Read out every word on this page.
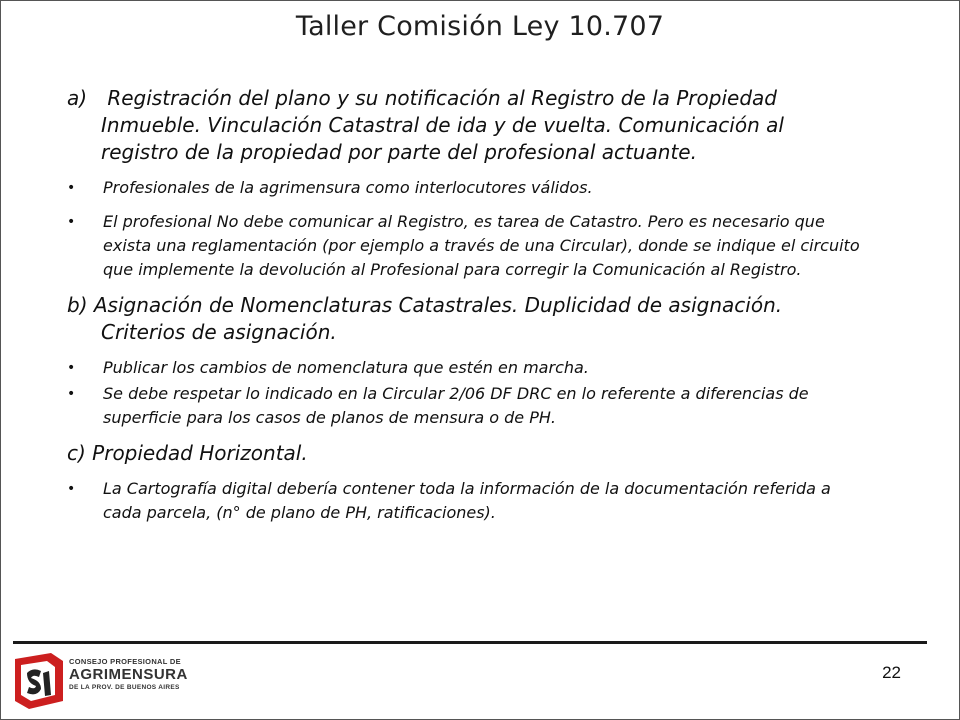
Taller Comisión Ley 10.707

a) Registración del plano y su notificación al Registro de la Propiedad Inmueble. Vinculación Catastral de ida y de vuelta. Comunicación al registro de la propiedad por parte del profesional actuante.

• Profesionales de la agrimensura como interlocutores válidos.
• El profesional No debe comunicar al Registro, es tarea de Catastro. Pero es necesario que exista una reglamentación (por ejemplo a través de una Circular), donde se indique el circuito que implemente la devolución al Profesional para corregir la Comunicación al Registro.

b) Asignación de Nomenclaturas Catastrales. Duplicidad de asignación. Criterios de asignación.

• Publicar los cambios de nomenclatura que estén en marcha.
• Se debe respetar lo indicado en la Circular 2/06 DF DRC en lo referente a diferencias de superficie para los casos de planos de mensura o de PH.

c) Propiedad Horizontal.

• La Cartografía digital debería contener toda la información de la documentación referida a cada parcela, (n° de plano de PH, ratificaciones).
CONSEJO PROFESIONAL DE
AGRIMENSURA
DE LA PROV. DE BUENOS AIRES
22
